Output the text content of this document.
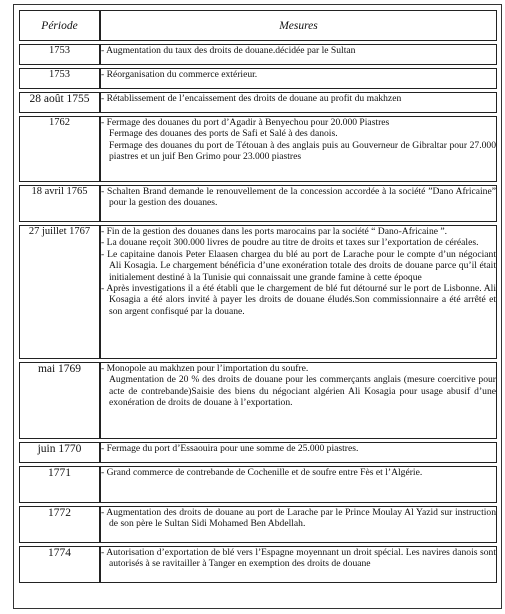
Période	Mesures
1753	- Augmentation du taux des droits de douane.décidée par le Sultan

1753	- Réorganisation du commerce extérieur.

28 août 1755	- Rétablissement de l’encaissement des droits de douane au profit du makhzen

1762	- Fermage des douanes du port d’Agadir à Benyechou pour 20.000 Piastres
Fermage des douanes des ports de Safi et Salé à des danois.
Fermage des douanes du port de Tétouan à des anglais puis au Gouverneur de Gibraltar pour 27.000 piastres et un juif Ben Grimo pour 23.000 piastres

18 avril 1765	- Schalten Brand demande le renouvellement de la concession accordée à la société ”Dano Africaine” pour la gestion des douanes.

27 juillet 1767	- Fin de la gestion des douanes dans les ports marocains par la société “ Dano-Africaine ”.
- La douane reçoit 300.000 livres de poudre au titre de droits et taxes sur l’exportation de céréales.
- Le capitaine danois Peter Elaasen chargea du blé au port de Larache pour le compte d’un négociant Ali Kosagia. Le chargement bénéficia d’une exonération totale des droits de douane parce qu’il était initialement destiné à la Tunisie qui connaissait une grande famine à cette époque
- Après investigations il a été établi que le chargement de blé fut détourné sur le port de Lisbonne. Ali Kosagia a été alors invité à payer les droits de douane éludés.Son commissionnaire a été arrêté et son argent confisqué par la douane.

mai 1769	- Monopole au makhzen pour l’importation du soufre.
Augmentation de 20 % des droits de douane pour les commerçants anglais (mesure coercitive pour acte de contrebande)Saisie des biens du négociant algérien Ali Kosagia pour usage abusif d’une exonération de droits de douane à l’exportation.

juin 1770	- Fermage du port d’Essaouira pour une somme de 25.000 piastres.

1771	- Grand commerce de contrebande de Cochenille et de soufre entre Fès et l’Algérie.

1772	- Augmentation des droits de douane au port de Larache par le Prince Moulay Al Yazid sur instruction de son père le Sultan Sidi Mohamed Ben Abdellah.

1774	- Autorisation d’exportation de blé vers l’Espagne moyennant un droit spécial. Les navires danois sont autorisés à se ravitailler à Tanger en exemption des droits de douane
